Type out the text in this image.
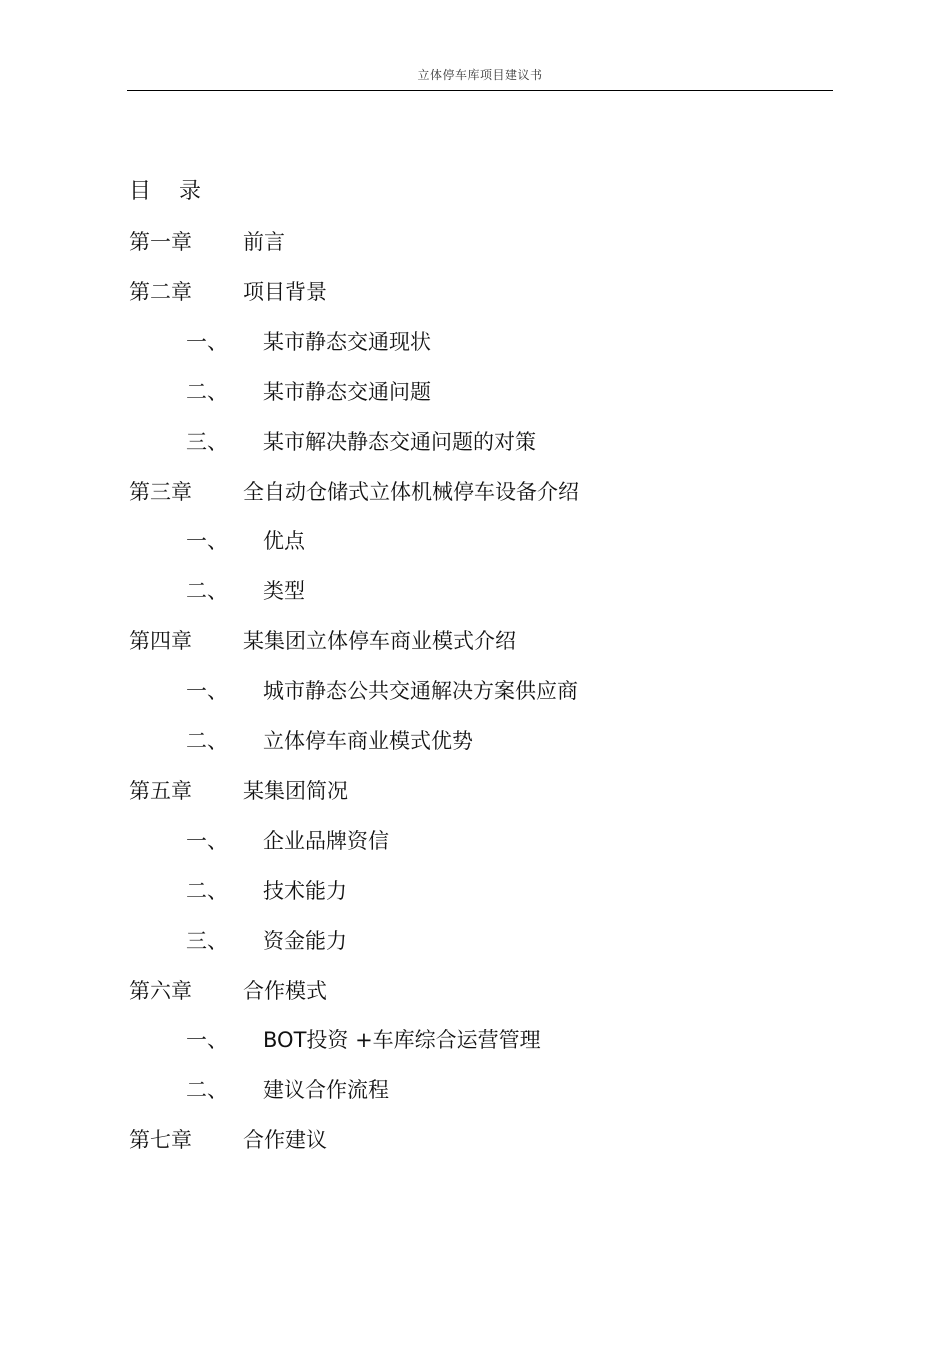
立体停车库项目建议书
目    录
第一章 前言
第二章 项目背景
一、 某市静态交通现状
二、 某市静态交通问题
三、 某市解决静态交通问题的对策
第三章 全自动仓储式立体机械停车设备介绍
一、 优点
二、 类型
第四章 某集团立体停车商业模式介绍
一、 城市静态公共交通解决方案供应商
二、 立体停车商业模式优势
第五章 某集团简况
一、 企业品牌资信
二、 技术能力
三、 资金能力
第六章 合作模式
一、 BOT投资 +车库综合运营管理
二、 建议合作流程
第七章 合作建议
